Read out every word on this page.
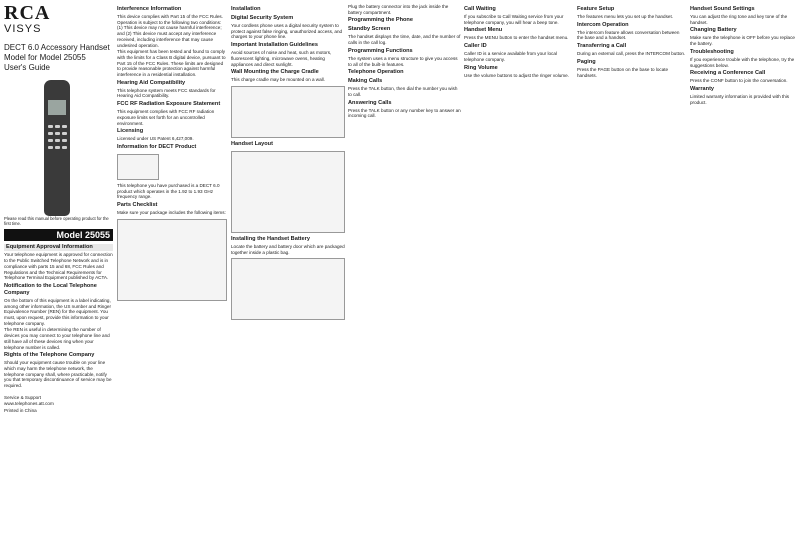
RCA
VISYS
DECT 6.0 Accessory Handset
Model for Model 25055
User's Guide
Please read this manual before operating product for the first time.
Model 25055
Equipment Approval Information
Your telephone equipment is approved for connection to the Public Switched Telephone Network and is in compliance with parts 15 and 68, FCC Rules and Regulations and the Technical Requirements for Telephone Terminal Equipment published by ACTA.
Notification to the Local Telephone Company
On the bottom of this equipment is a label indicating, among other information, the US number and Ringer Equivalence Number (REN) for the equipment. You must, upon request, provide this information to your telephone company.
The REN is useful in determining the number of devices you may connect to your telephone line and still have all of these devices ring when your telephone number is called.
Rights of the Telephone Company
Should your equipment cause trouble on your line which may harm the telephone network, the telephone company shall, where practicable, notify you that temporary discontinuance of service may be required.
Service & Support
www.telephones.att.com
Printed in China
Interference Information
This device complies with Part 15 of the FCC Rules. Operation is subject to the following two conditions: (1) This device may not cause harmful interference; and (2) This device must accept any interference received, including interference that may cause undesired operation.
This equipment has been tested and found to comply with the limits for a Class B digital device, pursuant to Part 15 of the FCC Rules. These limits are designed to provide reasonable protection against harmful interference in a residential installation.
Hearing Aid Compatibility
This telephone system meets FCC standards for Hearing Aid Compatibility.
FCC RF Radiation Exposure Statement
This equipment complies with FCC RF radiation exposure limits set forth for an uncontrolled environment.
Licensing
Licensed under US Patent 6,427,009.
Information for DECT Product
This telephone you have purchased is a DECT 6.0 product which operates in the 1.92 to 1.93 GHz frequency range.
Parts Checklist
Make sure your package includes the following items:
Installation
Digital Security System
Your cordless phone uses a digital security system to protect against false ringing, unauthorized access, and charges to your phone line.
Important Installation Guidelines
Avoid sources of noise and heat, such as motors, fluorescent lighting, microwave ovens, heating appliances and direct sunlight.
Wall Mounting the Charge Cradle
This charge cradle may be mounted on a wall.
Handset Layout
Installing the Handset Battery
Locate the battery and battery door which are packaged together inside a plastic bag.
Plug the battery connector into the jack inside the battery compartment.
Programming the Phone
Standby Screen
The handset displays the time, date, and the number of calls in the call log.
Programming Functions
The system uses a menu structure to give you access to all of the built-in features.
Telephone Operation
Making Calls
Press the TALK button, then dial the number you wish to call.
Answering Calls
Press the TALK button or any number key to answer an incoming call.
Call Waiting
If you subscribe to Call Waiting service from your telephone company, you will hear a beep tone.
Handset Menu
Press the MENU button to enter the handset menu.
Caller ID
Caller ID is a service available from your local telephone company.
Ring Volume
Use the volume buttons to adjust the ringer volume.
Feature Setup
The features menu lets you set up the handset.
Intercom Operation
The intercom feature allows conversation between the base and a handset.
Transferring a Call
During an external call, press the INTERCOM button.
Paging
Press the PAGE button on the base to locate handsets.
Handset Sound Settings
You can adjust the ring tone and key tone of the handset.
Changing Battery
Make sure the telephone is OFF before you replace the battery.
Troubleshooting
If you experience trouble with the telephone, try the suggestions below.
Receiving a Conference Call
Press the CONF button to join the conversation.
Warranty
Limited warranty information is provided with this product.
